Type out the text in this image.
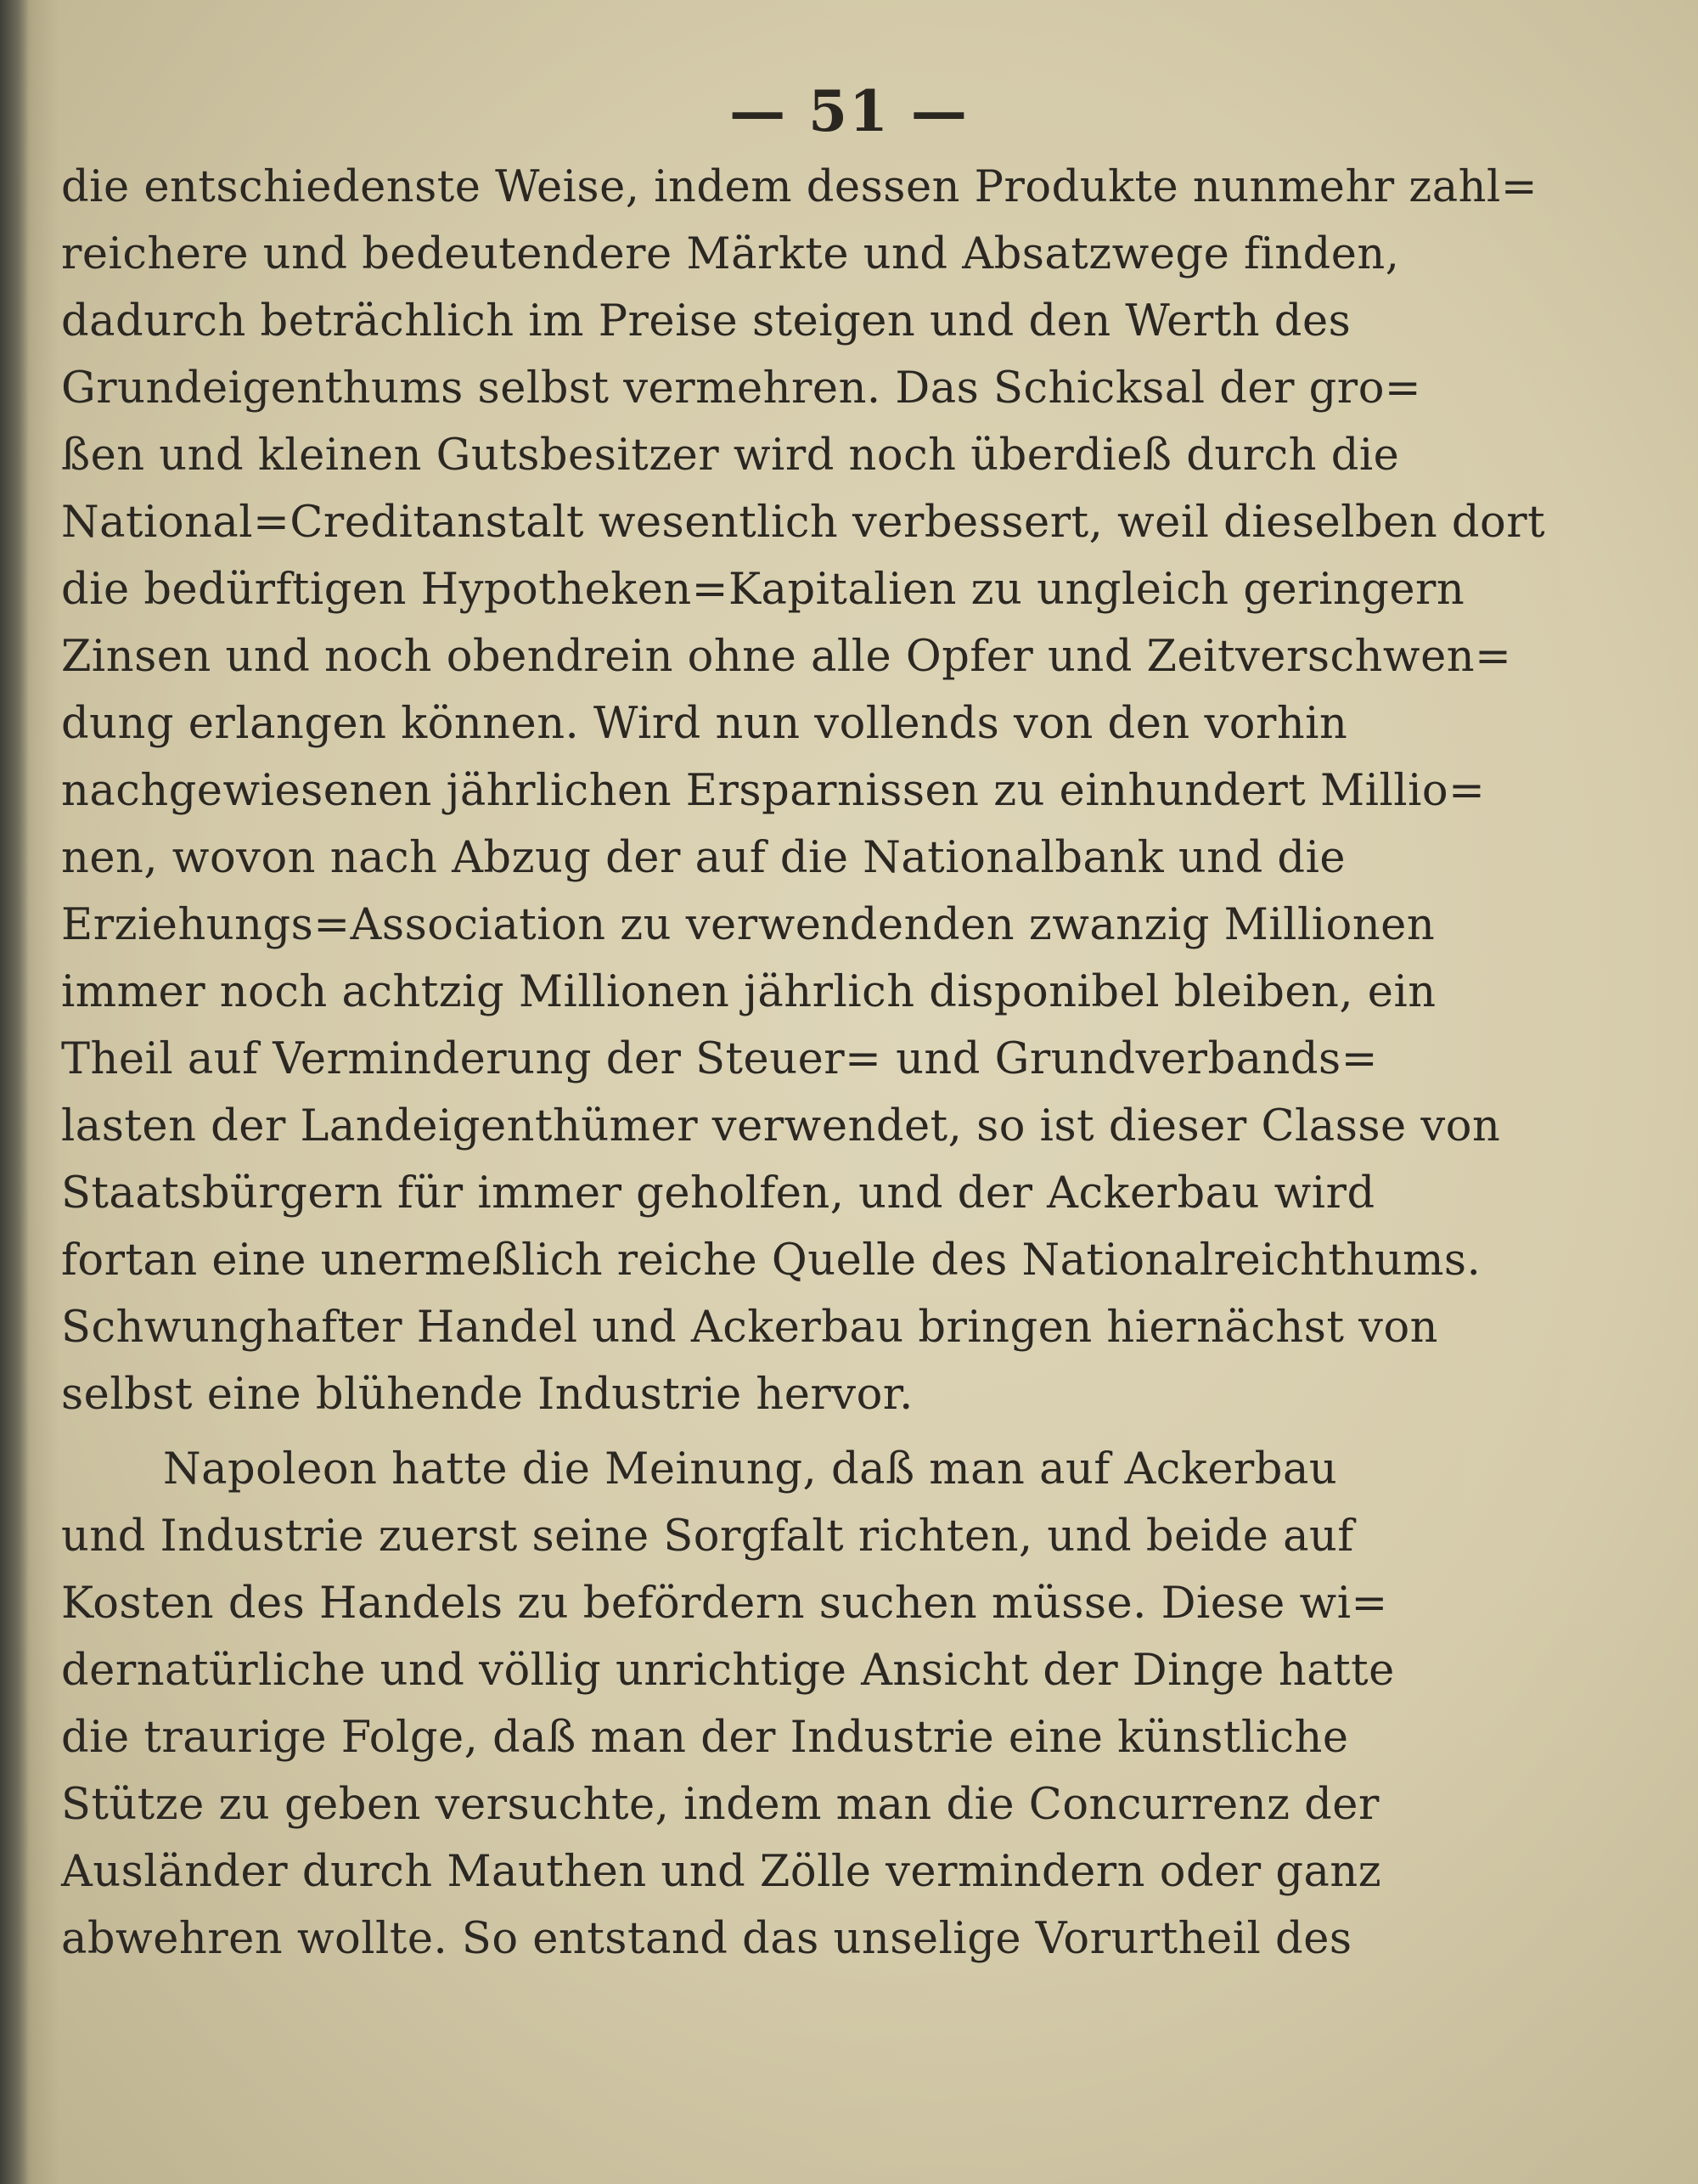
— 51 —
die entschiedenste Weise, indem dessen Produkte nunmehr zahl=
reichere und bedeutendere Märkte und Absatzwege finden,
dadurch beträchlich im Preise steigen und den Werth des
Grundeigenthums selbst vermehren. Das Schicksal der gro=
ßen und kleinen Gutsbesitzer wird noch überdieß durch die
National=Creditanstalt wesentlich verbessert, weil dieselben dort
die bedürftigen Hypotheken=Kapitalien zu ungleich geringern
Zinsen und noch obendrein ohne alle Opfer und Zeitverschwen=
dung erlangen können. Wird nun vollends von den vorhin
nachgewiesenen jährlichen Ersparnissen zu einhundert Millio=
nen, wovon nach Abzug der auf die Nationalbank und die
Erziehungs=Association zu verwendenden zwanzig Millionen
immer noch achtzig Millionen jährlich disponibel bleiben, ein
Theil auf Verminderung der Steuer= und Grundverbands=
lasten der Landeigenthümer verwendet, so ist dieser Classe von
Staatsbürgern für immer geholfen, und der Ackerbau wird
fortan eine unermeßlich reiche Quelle des Nationalreichthums.
Schwunghafter Handel und Ackerbau bringen hiernächst von
selbst eine blühende Industrie hervor.
Napoleon hatte die Meinung, daß man auf Ackerbau
und Industrie zuerst seine Sorgfalt richten, und beide auf
Kosten des Handels zu befördern suchen müsse. Diese wi=
dernatürliche und völlig unrichtige Ansicht der Dinge hatte
die traurige Folge, daß man der Industrie eine künstliche
Stütze zu geben versuchte, indem man die Concurrenz der
Ausländer durch Mauthen und Zölle vermindern oder ganz
abwehren wollte. So entstand das unselige Vorurtheil des
